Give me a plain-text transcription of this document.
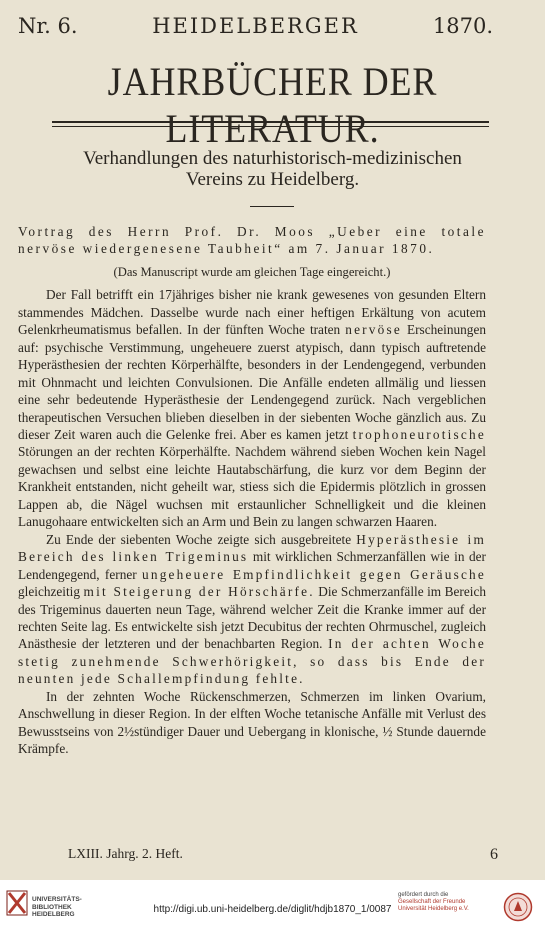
Nr. 6.	HEIDELBERGER	1870.
JAHRBÜCHER DER LITERATUR.
Verhandlungen des naturhistorisch-medizinischen
Vereins zu Heidelberg.

Vortrag des Herrn Prof. Dr. Moos „Ueber eine totale nervöse wiedergenesene Taubheit“ am 7. Januar 1870.

(Das Manuscript wurde am gleichen Tage eingereicht.)

Der Fall betrifft ein 17jähriges bisher nie krank gewesenes von gesunden Eltern stammendes Mädchen. Dasselbe wurde nach einer heftigen Erkältung von acutem Gelenkrheumatismus befallen. In der fünften Woche traten nervöse Erscheinungen auf: psychische Verstimmung, ungeheuere zuerst atypisch, dann typisch auftretende Hyperästhesien der rechten Körperhälfte, besonders in der Lendengegend, verbunden mit Ohnmacht und leichten Convulsionen. Die Anfälle endeten allmälig und liessen eine sehr bedeutende Hyperästhesie der Lendengegend zurück. Nach vergeblichen therapeutischen Versuchen blieben dieselben in der siebenten Woche gänzlich aus. Zu dieser Zeit waren auch die Gelenke frei. Aber es kamen jetzt trophoneurotische Störungen an der rechten Körperhälfte. Nachdem während sieben Wochen kein Nagel gewachsen und selbst eine leichte Hautabschärfung, die kurz vor dem Beginn der Krankheit entstanden, nicht geheilt war, stiess sich die Epidermis plötzlich in grossen Lappen ab, die Nägel wuchsen mit erstaunlicher Schnelligkeit und die kleinen Lanugohaare entwickelten sich an Arm und Bein zu langen schwarzen Haaren.

Zu Ende der siebenten Woche zeigte sich ausgebreitete Hyperästhesie im Bereich des linken Trigeminus mit wirklichen Schmerzanfällen wie in der Lendengegend, ferner ungeheuere Empfindlichkeit gegen Geräusche gleichzeitig mit Steigerung der Hörschärfe. Die Schmerzanfälle im Bereich des Trigeminus dauerten neun Tage, während welcher Zeit die Kranke immer auf der rechten Seite lag. Es entwickelte sish jetzt Decubitus der rechten Ohrmuschel, zugleich Anästhesie der letzteren und der benachbarten Region. In der achten Woche stetig zunehmende Schwerhörigkeit, so dass bis Ende der neunten jede Schallempfindung fehlte.

In der zehnten Woche Rückenschmerzen, Schmerzen im linken Ovarium, Anschwellung in dieser Region. In der elften Woche tetanische Anfälle mit Verlust des Bewusstseins von 2½stündiger Dauer und Uebergang in klonische, ½ Stunde dauernde Krämpfe.

LXIII. Jahrg. 2. Heft.	6
UNIVERSITÄTS-
BIBLIOTHEK
HEIDELBERG	http://digi.ub.uni-heidelberg.de/diglit/hdjb1870_1/0087
gefördert durch die
Gesellschaft der Freunde
Universität Heidelberg e.V.
